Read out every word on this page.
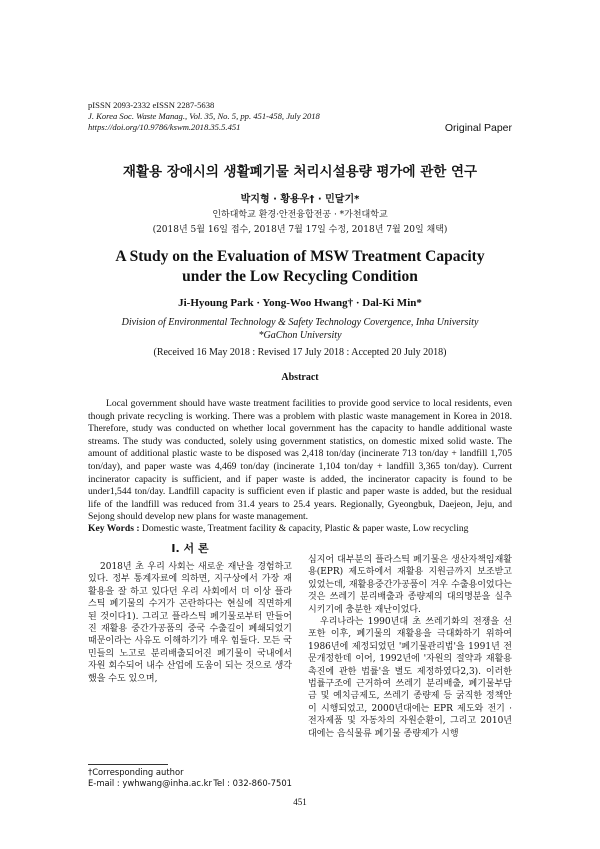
pISSN 2093-2332 eISSN 2287-5638
J. Korea Soc. Waste Manag., Vol. 35, No. 5, pp. 451-458, July 2018
https://doi.org/10.9786/kswm.2018.35.5.451	Original Paper
재활용 장애시의 생활폐기물 처리시설용량 평가에 관한 연구
박지형 · 황용우† · 민달기*
인하대학교 환경·안전융합전공 · *가천대학교
(2018년 5월 16일 접수, 2018년 7월 17일 수정, 2018년 7월 20일 채택)
A Study on the Evaluation of MSW Treatment Capacity
under the Low Recycling Condition
Ji-Hyoung Park · Yong-Woo Hwang† · Dal-Ki Min*
Division of Environmental Technology & Safety Technology Covergence, Inha University
*GaChon University
(Received 16 May 2018 : Revised 17 July 2018 : Accepted 20 July 2018)
Abstract

Local government should have waste treatment facilities to provide good service to local residents, even though private recycling is working. There was a problem with plastic waste management in Korea in 2018. Therefore, study was conducted on whether local government has the capacity to handle additional waste streams. The study was conducted, solely using government statistics, on domestic mixed solid waste. The amount of additional plastic waste to be disposed was 2,418 ton/day (incinerate 713 ton/day + landfill 1,705 ton/day), and paper waste was 4,469 ton/day (incinerate 1,104 ton/day + landfill 3,365 ton/day). Current incinerator capacity is sufficient, and if paper waste is added, the incinerator capacity is found to be under1,544 ton/day. Landfill capacity is sufficient even if plastic and paper waste is added, but the residual life of the landfill was reduced from 31.4 years to 25.4 years. Regionally, Gyeongbuk, Daejeon, Jeju, and Sejong should develop new plans for waste management.

Key Words : Domestic waste, Treatment facility & capacity, Plastic & paper waste, Low recycling
I. 서 론

2018년 초 우리 사회는 새로운 재난을 경험하고 있다. 정부 통계자료에 의하면, 지구상에서 가장 재활용을 잘 하고 있다던 우리 사회에서 더 이상 플라스틱 폐기물의 수거가 곤란하다는 현실에 직면하게 된 것이다1). 그리고 플라스틱 폐기물로부터 만들어진 재활용 중간가공품의 중국 수출길이 폐쇄되었기 때문이라는 사유도 이해하기가 매우 힘들다. 모든 국민들의 노고로 분리배출되어진 폐기물이 국내에서 자원 회수되어 내수 산업에 도움이 되는 것으로 생각했을 수도 있으며,

심지어 대부분의 플라스틱 폐기물은 생산자책임재활용(EPR) 제도하에서 재활용 지원금까지 보조받고 있었는데, 재활용중간가공품이 겨우 수출용이었다는 것은 쓰레기 분리배출과 종량제의 대의명분을 실추시키기에 충분한 재난이었다.

우리나라는 1990년대 초 쓰레기화의 전쟁을 선포한 이후, 폐기물의 재활용을 극대화하기 위하여 1986년에 제정되었던 '폐기물관리법'을 1991년 전문개정한데 이어, 1992년에 '자원의 절약과 재활용촉진에 관한 법률'을 별도 제정하였다2,3). 이러한 법률구조에 근거하여 쓰레기 분리배출, 폐기물부담금 및 예치금제도, 쓰레기 종량제 등 굵직한 정책안이 시행되었고, 2000년대에는 EPR 제도와 전기 · 전자제품 및 자동차의 자원순환이, 그리고 2010년대에는 음식물류 폐기물 종량제가 시행

†Corresponding author
E-mail : ywhwang@inha.ac.kr Tel : 032-860-7501
451
